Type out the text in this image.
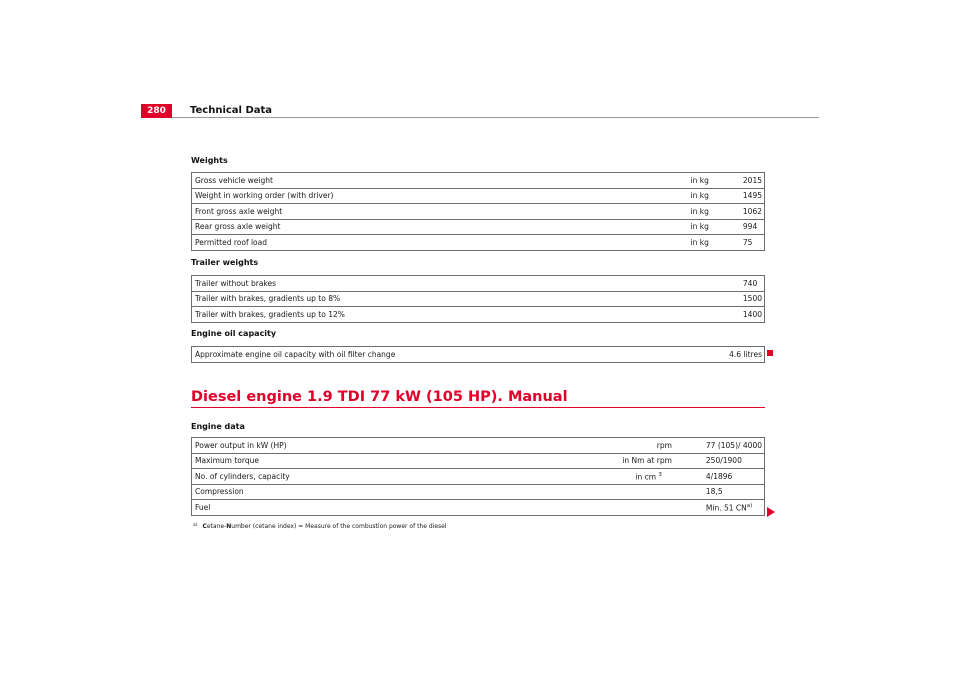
280	Technical Data
Weights
Gross vehicle weight	in kg	2015
Weight in working order (with driver)	in kg	1495
Front gross axle weight	in kg	1062
Rear gross axle weight	in kg	994
Permitted roof load	in kg	75
Trailer weights
Trailer without brakes		740
Trailer with brakes, gradients up to 8%		1500
Trailer with brakes, gradients up to 12%		1400
Engine oil capacity
Approximate engine oil capacity with oil filter change		4.6 litres
Diesel engine 1.9 TDI 77 kW (105 HP). Manual
Engine data
Power output in kW (HP)	rpm	77 (105)/ 4000
Maximum torque	in Nm at rpm	250/1900
No. of cylinders, capacity	in cm $^3$	4/1896
Compression		18,5
Fuel		Min. 51 CN$^{a)}$
$^{a)}$ Cetane-Number (cetane index) = Measure of the combustion power of the diesel
